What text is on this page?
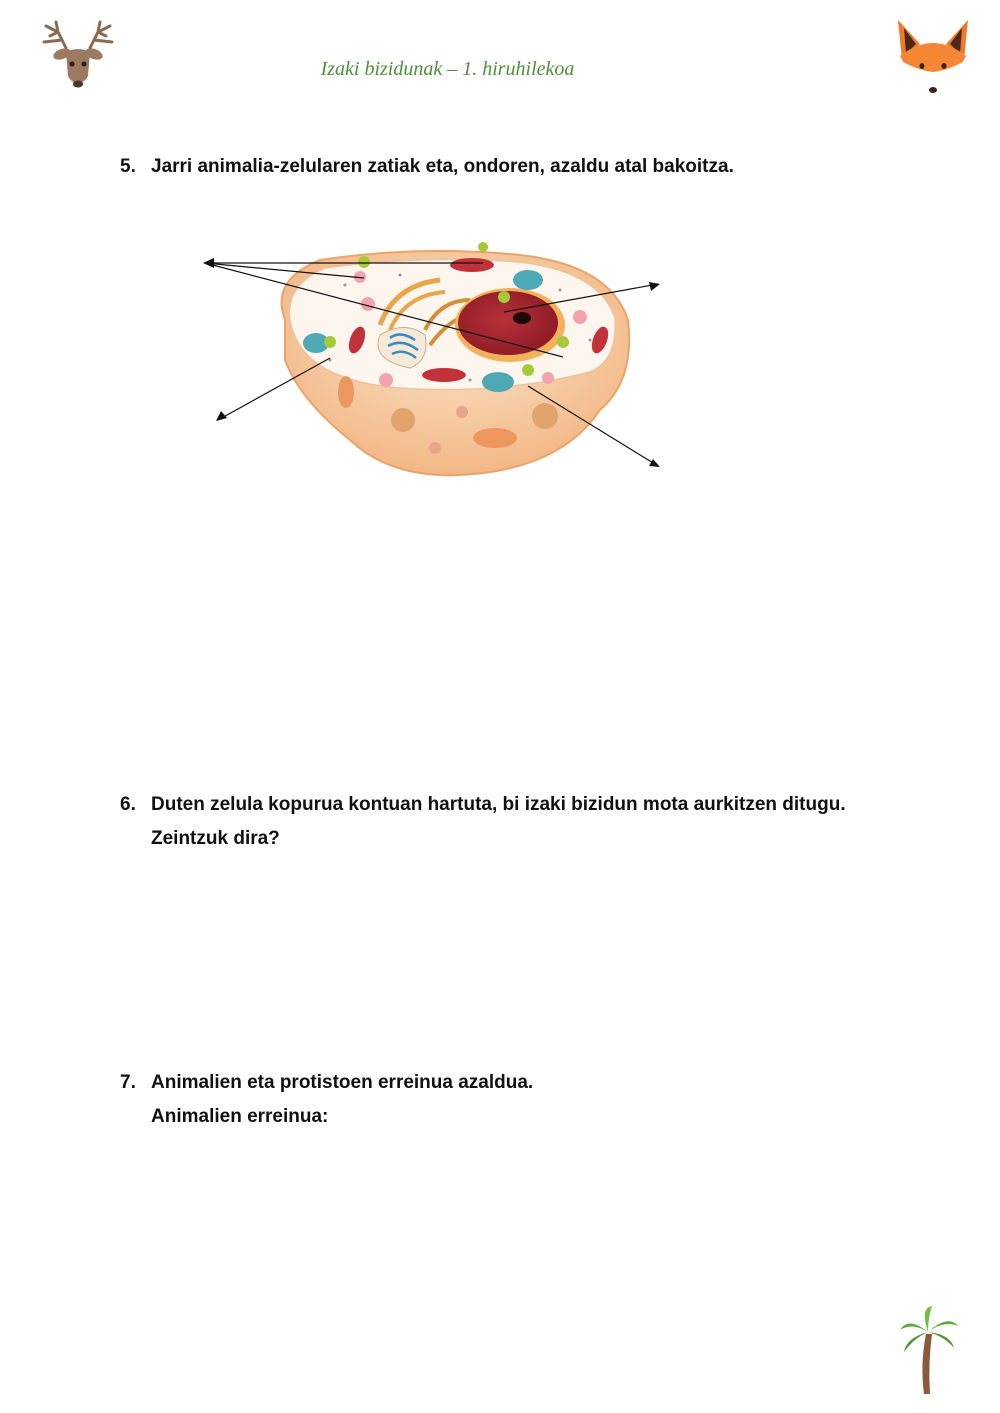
Izaki bizidunak – 1. hiruhilekoa
5. Jarri animalia-zelularen zatiak eta, ondoren, azaldu atal bakoitza.
6. Duten zelula kopurua kontuan hartuta, bi izaki bizidun mota aurkitzen ditugu.
Zeintzuk dira?
7. Animalien eta protistoen erreinua azaldua.
Animalien erreinua:
